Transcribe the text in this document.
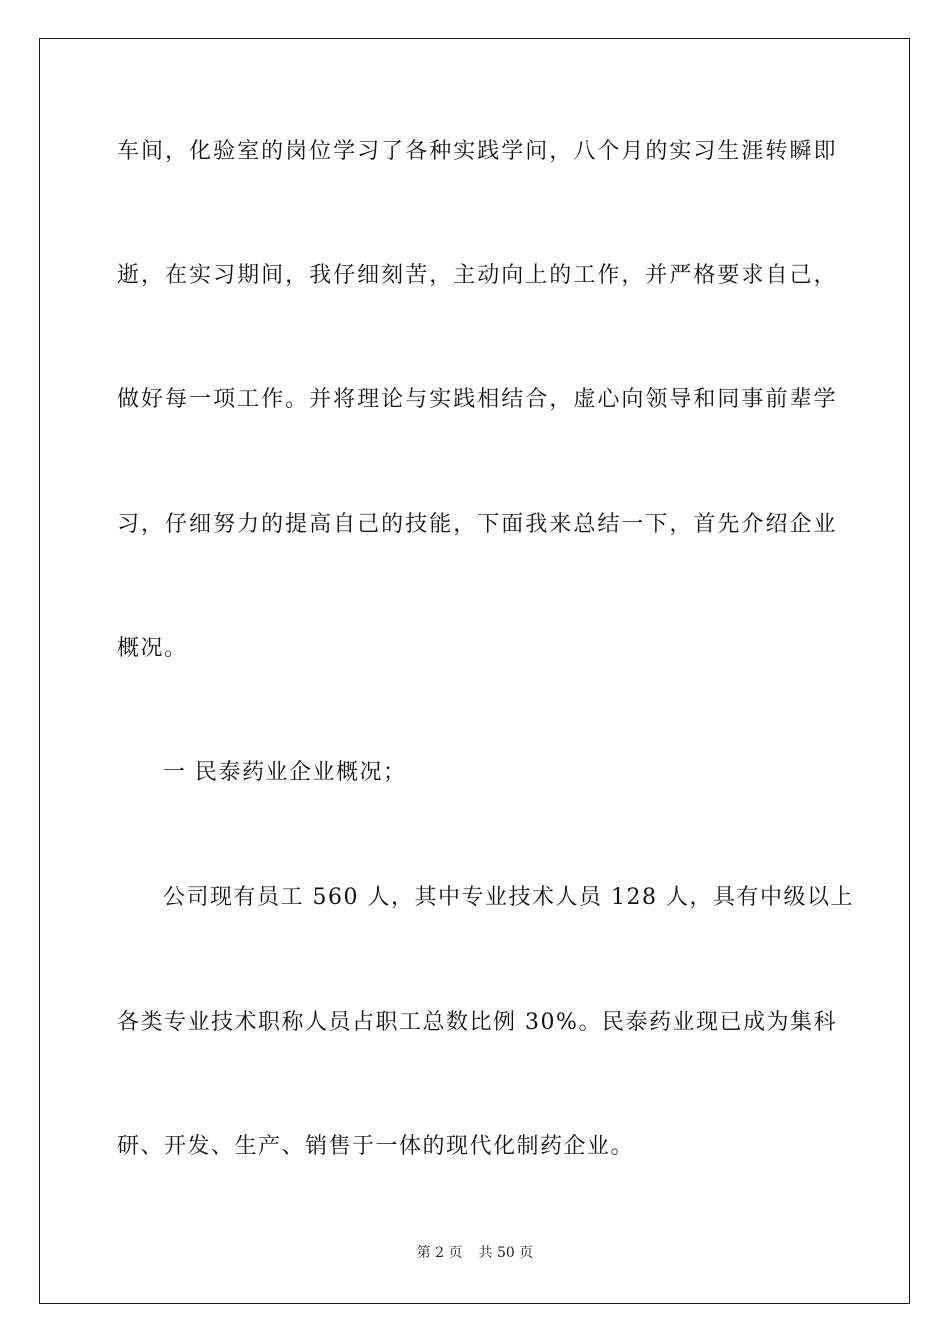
车间，化验室的岗位学习了各种实践学问，八个月的实习生涯转瞬即
逝，在实习期间，我仔细刻苦，主动向上的工作，并严格要求自己，
做好每一项工作。并将理论与实践相结合，虚心向领导和同事前辈学
习，仔细努力的提高自己的技能，下面我来总结一下，首先介绍企业
概况。
一 民泰药业企业概况；
公司现有员工 560 人，其中专业技术人员 128 人，具有中级以上
各类专业技术职称人员占职工总数比例 30%。民泰药业现已成为集科
研、开发、生产、销售于一体的现代化制药企业。
第 2 页 共 50 页
